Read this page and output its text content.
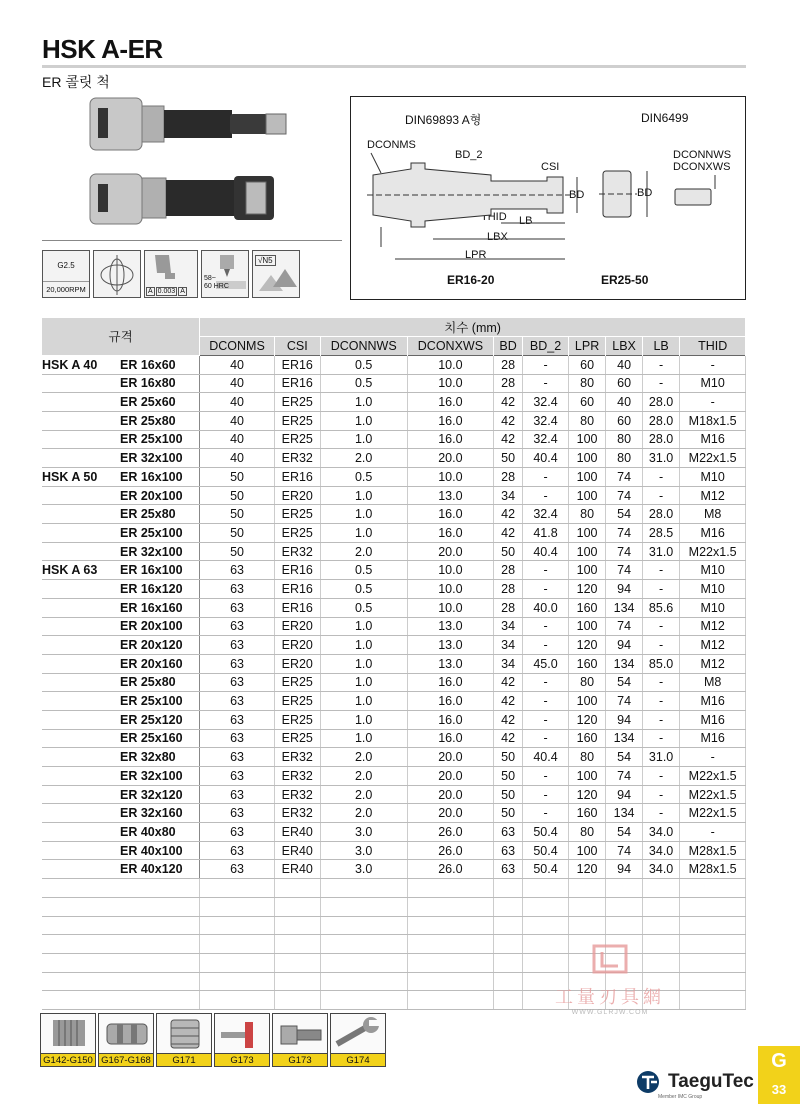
HSK A-ER
ER 콜릿 척
G2.5
20,000RPM	A 0.003 A
58~
60 HRC
√N5
DIN69893 A형	DIN6499
DCONMS
BD_2
CSI
BD
THID LB
LBX
LPR
DCONNWS
DCONXWS
BD
ER16-20	ER25-50
규격		치수 (mm)									
		DCONMS	CSI	DCONNWS	DCONXWS	BD	BD_2	LPR	LBX	LB	THID
HSK A 40	ER 16x60	40	ER16	0.5	10.0	28	-	60	40	-	-
	ER 16x80	40	ER16	0.5	10.0	28	-	80	60	-	M10
	ER 25x60	40	ER25	1.0	16.0	42	32.4	60	40	28.0	-
	ER 25x80	40	ER25	1.0	16.0	42	32.4	80	60	28.0	M18x1.5
	ER 25x100	40	ER25	1.0	16.0	42	32.4	100	80	28.0	M16
	ER 32x100	40	ER32	2.0	20.0	50	40.4	100	80	31.0	M22x1.5
HSK A 50	ER 16x100	50	ER16	0.5	10.0	28	-	100	74	-	M10
	ER 20x100	50	ER20	1.0	13.0	34	-	100	74	-	M12
	ER 25x80	50	ER25	1.0	16.0	42	32.4	80	54	28.0	M8
	ER 25x100	50	ER25	1.0	16.0	42	41.8	100	74	28.5	M16
	ER 32x100	50	ER32	2.0	20.0	50	40.4	100	74	31.0	M22x1.5
HSK A 63	ER 16x100	63	ER16	0.5	10.0	28	-	100	74	-	M10
	ER 16x120	63	ER16	0.5	10.0	28	-	120	94	-	M10
	ER 16x160	63	ER16	0.5	10.0	28	40.0	160	134	85.6	M10
	ER 20x100	63	ER20	1.0	13.0	34	-	100	74	-	M12
	ER 20x120	63	ER20	1.0	13.0	34	-	120	94	-	M12
	ER 20x160	63	ER20	1.0	13.0	34	45.0	160	134	85.0	M12
	ER 25x80	63	ER25	1.0	16.0	42	-	80	54	-	M8
	ER 25x100	63	ER25	1.0	16.0	42	-	100	74	-	M16
	ER 25x120	63	ER25	1.0	16.0	42	-	120	94	-	M16
	ER 25x160	63	ER25	1.0	16.0	42	-	160	134	-	M16
	ER 32x80	63	ER32	2.0	20.0	50	40.4	80	54	31.0	-
	ER 32x100	63	ER32	2.0	20.0	50	-	100	74	-	M22x1.5
	ER 32x120	63	ER32	2.0	20.0	50	-	120	94	-	M22x1.5
	ER 32x160	63	ER32	2.0	20.0	50	-	160	134	-	M22x1.5
	ER 40x80	63	ER40	3.0	26.0	63	50.4	80	54	34.0	-
	ER 40x100	63	ER40	3.0	26.0	63	50.4	100	74	34.0	M28x1.5
	ER 40x120	63	ER40	3.0	26.0	63	50.4	120	94	34.0	M28x1.5

工量刃具網
WWW.GLRJW.COM
G142-G150 G167-G168	G171	G173	G173	G174
TaeguTec
Member IMC Group
G
33
